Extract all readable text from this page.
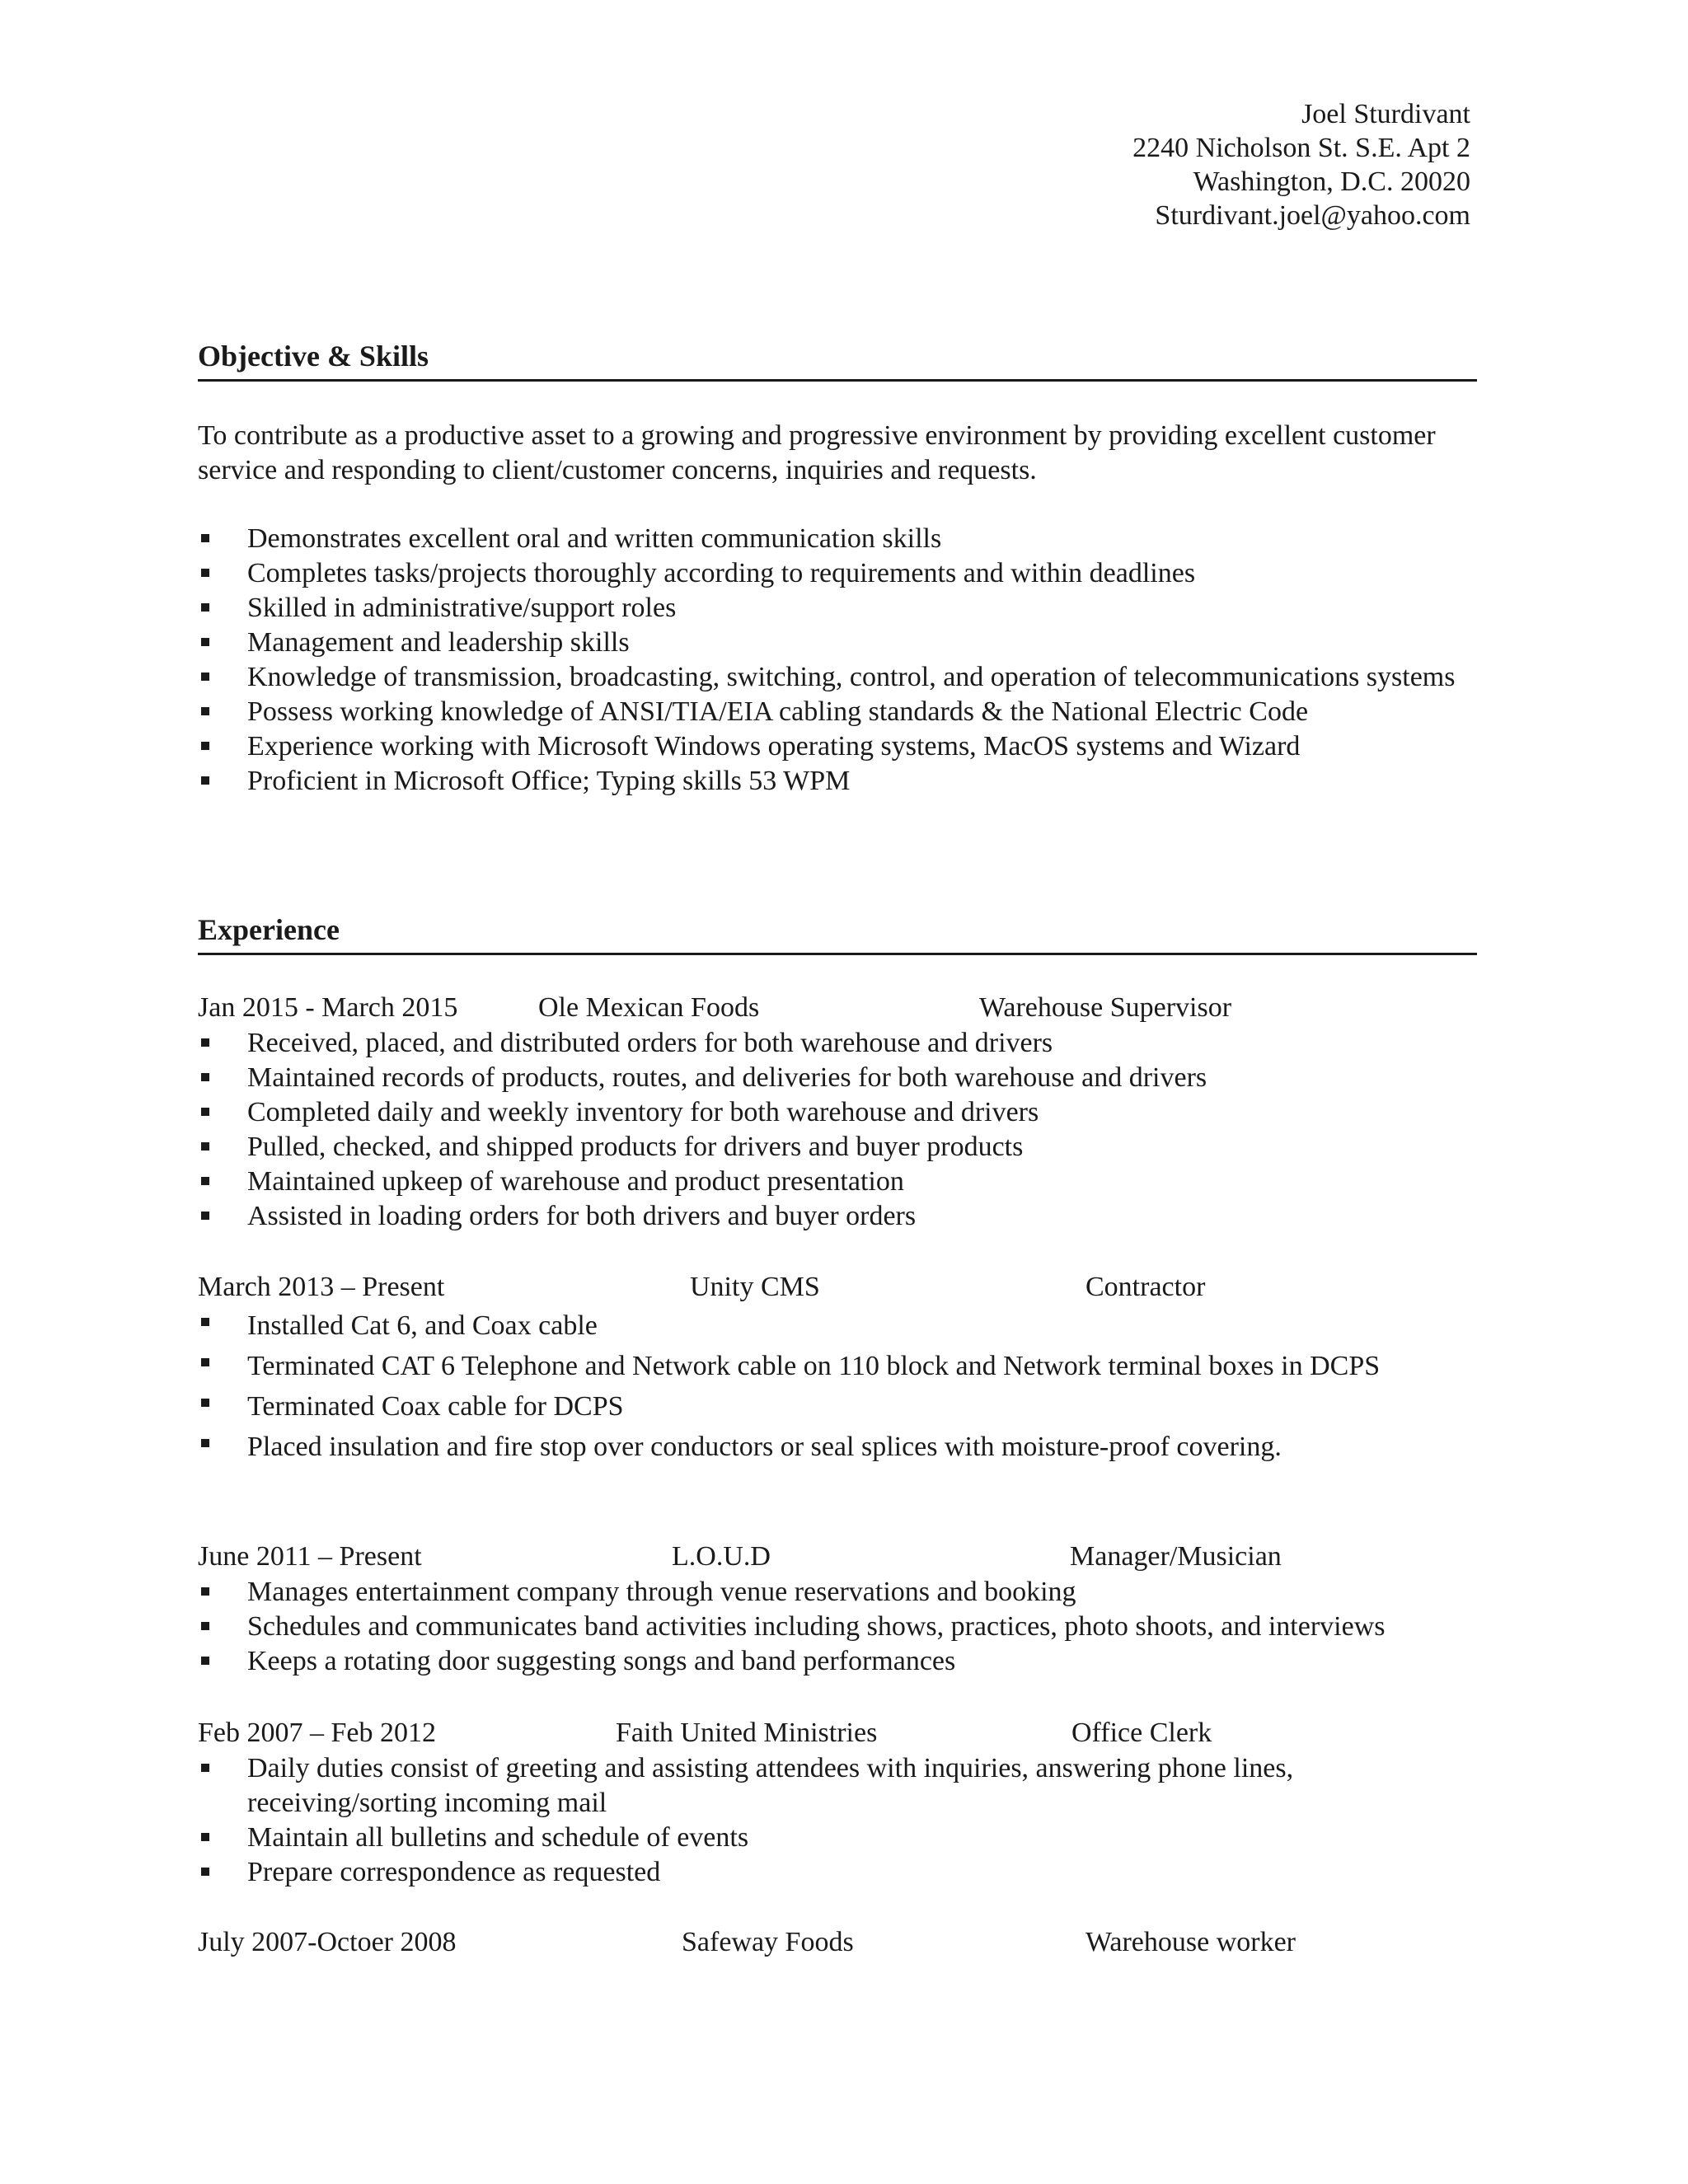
Joel Sturdivant
2240 Nicholson St. S.E. Apt 2
Washington, D.C. 20020
Sturdivant.joel@yahoo.com
Objective & Skills
To contribute as a productive asset to a growing and progressive environment by providing excellent customer service and responding to client/customer concerns, inquiries and requests.
Demonstrates excellent oral and written communication skills
Completes tasks/projects thoroughly according to requirements and within deadlines
Skilled in administrative/support roles
Management and leadership skills
Knowledge of transmission, broadcasting, switching, control, and operation of telecommunications systems
Possess working knowledge of ANSI/TIA/EIA cabling standards & the National Electric Code
Experience working with Microsoft Windows operating systems, MacOS systems and Wizard
Proficient in Microsoft Office; Typing skills 53 WPM
Experience
Jan 2015 - March 2015	Ole Mexican Foods	Warehouse Supervisor
Received, placed, and distributed orders for both warehouse and drivers
Maintained records of products, routes, and deliveries for both warehouse and drivers
Completed daily and weekly inventory for both warehouse and drivers
Pulled, checked, and shipped products for drivers and buyer products
Maintained upkeep of warehouse and product presentation
Assisted in loading orders for both drivers and buyer orders
March 2013 – Present	Unity CMS	Contractor
Installed Cat 6, and Coax cable
Terminated CAT 6 Telephone and Network cable on 110 block and Network terminal boxes in DCPS
Terminated Coax cable for DCPS
Placed insulation and fire stop over conductors or seal splices with moisture-proof covering.
June 2011 – Present	L.O.U.D	Manager/Musician
Manages entertainment company through venue reservations and booking
Schedules and communicates band activities including shows, practices, photo shoots, and interviews
Keeps a rotating door suggesting songs and band performances
Feb 2007 – Feb 2012	Faith United Ministries	Office Clerk
Daily duties consist of greeting and assisting attendees with inquiries, answering phone lines, receiving/sorting incoming mail
Maintain all bulletins and schedule of events
Prepare correspondence as requested
July 2007-Octoer 2008	Safeway Foods	Warehouse worker
